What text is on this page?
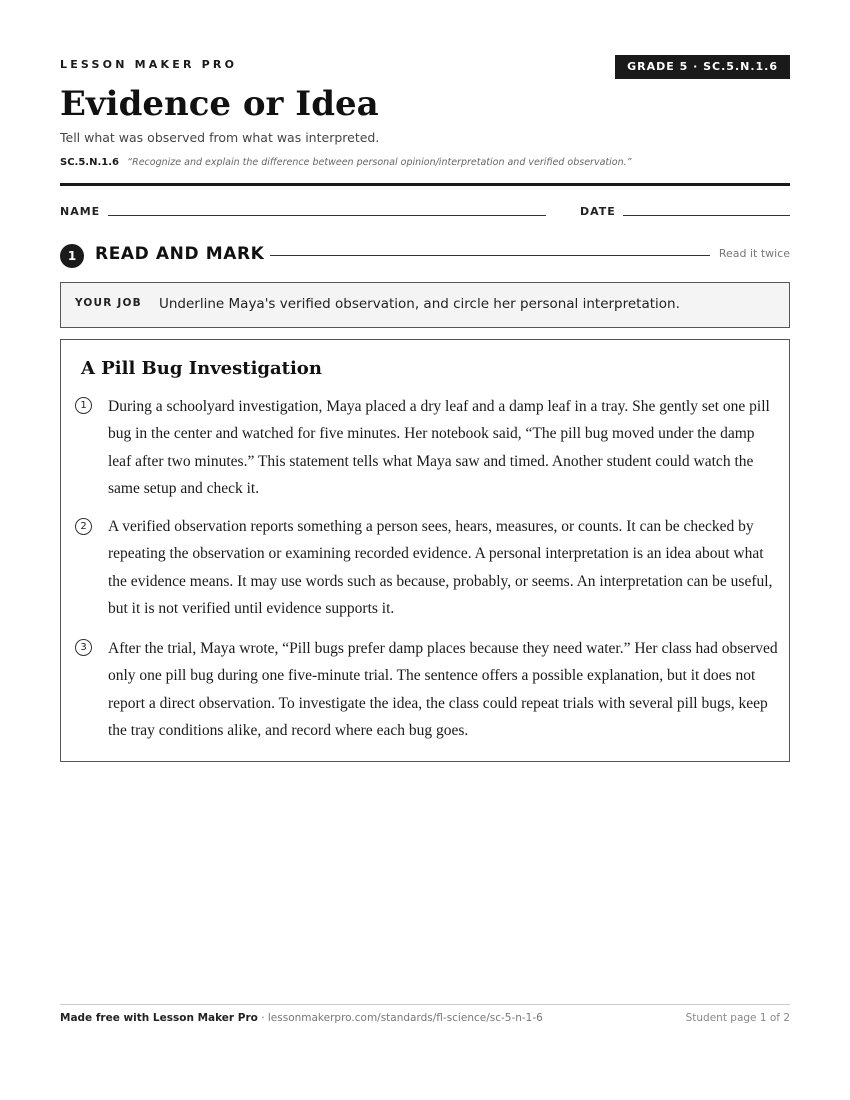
LESSON MAKER PRO	GRADE 5 · SC.5.N.1.6
Evidence or Idea
Tell what was observed from what was interpreted.
SC.5.N.1.6 “Recognize and explain the difference between personal opinion/interpretation and verified observation.”
NAME	DATE
1	READ AND MARK	Read it twice
YOUR JOB Underline Maya's verified observation, and circle her personal interpretation.
A Pill Bug Investigation
1	During a schoolyard investigation, Maya placed a dry leaf and a damp leaf in a tray. She gently set one pill bug in the center and watched for five minutes. Her notebook said, “The pill bug moved under the damp leaf after two minutes.” This statement tells what Maya saw and timed. Another student could watch the same setup and check it.

2	A verified observation reports something a person sees, hears, measures, or counts. It can be checked by repeating the observation or examining recorded evidence. A personal interpretation is an idea about what the evidence means. It may use words such as because, probably, or seems. An interpretation can be useful, but it is not verified until evidence supports it.

3	After the trial, Maya wrote, “Pill bugs prefer damp places because they need water.” Her class had observed only one pill bug during one five-minute trial. The sentence offers a possible explanation, but it does not report a direct observation. To investigate the idea, the class could repeat trials with several pill bugs, keep the tray conditions alike, and record where each bug goes.

Made free with Lesson Maker Pro · lessonmakerpro.com/standards/fl-science/sc-5-n-1-6	Student page 1 of 2
